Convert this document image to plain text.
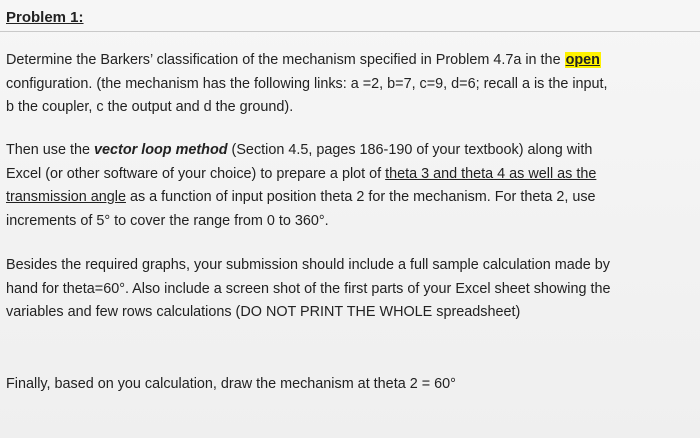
Problem 1:

Determine the Barkers’ classification of the mechanism specified in Problem 4.7a in the open
configuration. (the mechanism has the following links: a =2, b=7, c=9, d=6; recall a is the input,
b the coupler, c the output and d the ground).

Then use the vector loop method (Section 4.5, pages 186-190 of your textbook) along with
Excel (or other software of your choice) to prepare a plot of theta 3 and theta 4 as well as the
transmission angle as a function of input position theta 2 for the mechanism. For theta 2, use
increments of 5° to cover the range from 0 to 360°.

Besides the required graphs, your submission should include a full sample calculation made by
hand for theta=60°. Also include a screen shot of the first parts of your Excel sheet showing the
variables and few rows calculations (DO NOT PRINT THE WHOLE spreadsheet)

Finally, based on you calculation, draw the mechanism at theta 2 = 60°
